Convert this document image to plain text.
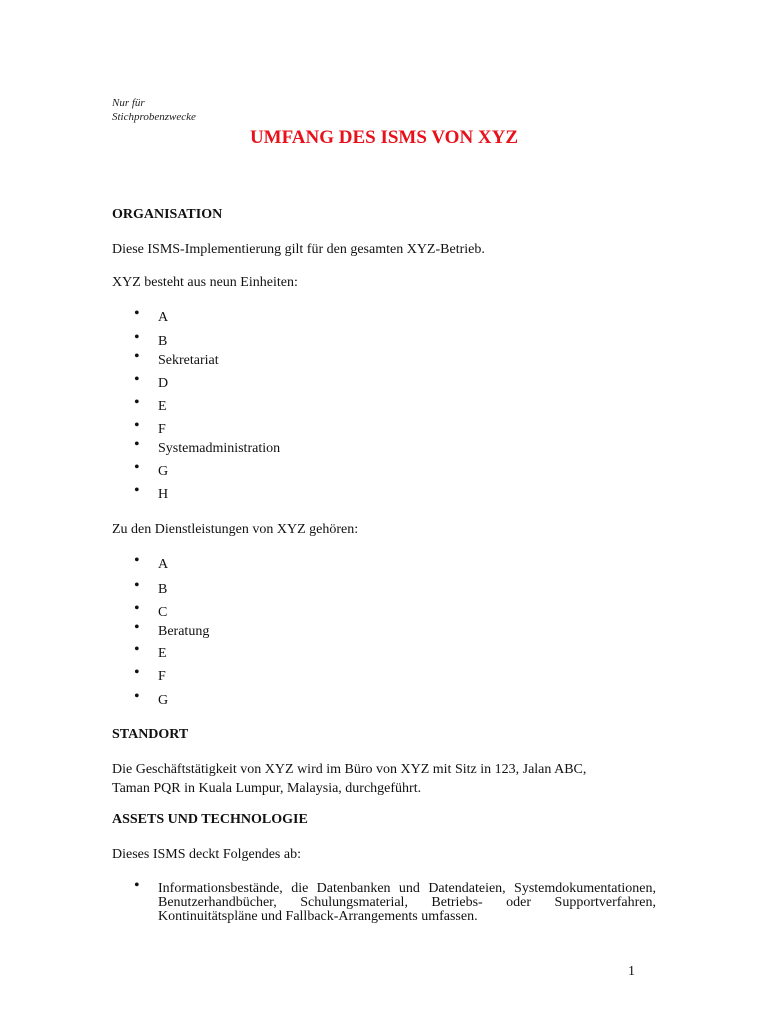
Nur für
Stichprobenzwecke
UMFANG DES ISMS VON XYZ
ORGANISATION
Diese ISMS-Implementierung gilt für den gesamten XYZ-Betrieb.
XYZ besteht aus neun Einheiten:
• A
• B
• Sekretariat
• D
• E
• F
• Systemadministration
• G
• H
Zu den Dienstleistungen von XYZ gehören:
• A
• B
• C
• Beratung
• E
• F
• G
STANDORT
Die Geschäftstätigkeit von XYZ wird im Büro von XYZ mit Sitz in 123, Jalan ABC,
Taman PQR in Kuala Lumpur, Malaysia, durchgeführt.
ASSETS UND TECHNOLOGIE
Dieses ISMS deckt Folgendes ab:
• Informationsbestände, die Datenbanken und Datendateien, Systemdokumentationen, Benutzerhandbücher, Schulungsmaterial, Betriebs- oder Supportverfahren, Kontinuitätspläne und Fallback-Arrangements umfassen.
1
